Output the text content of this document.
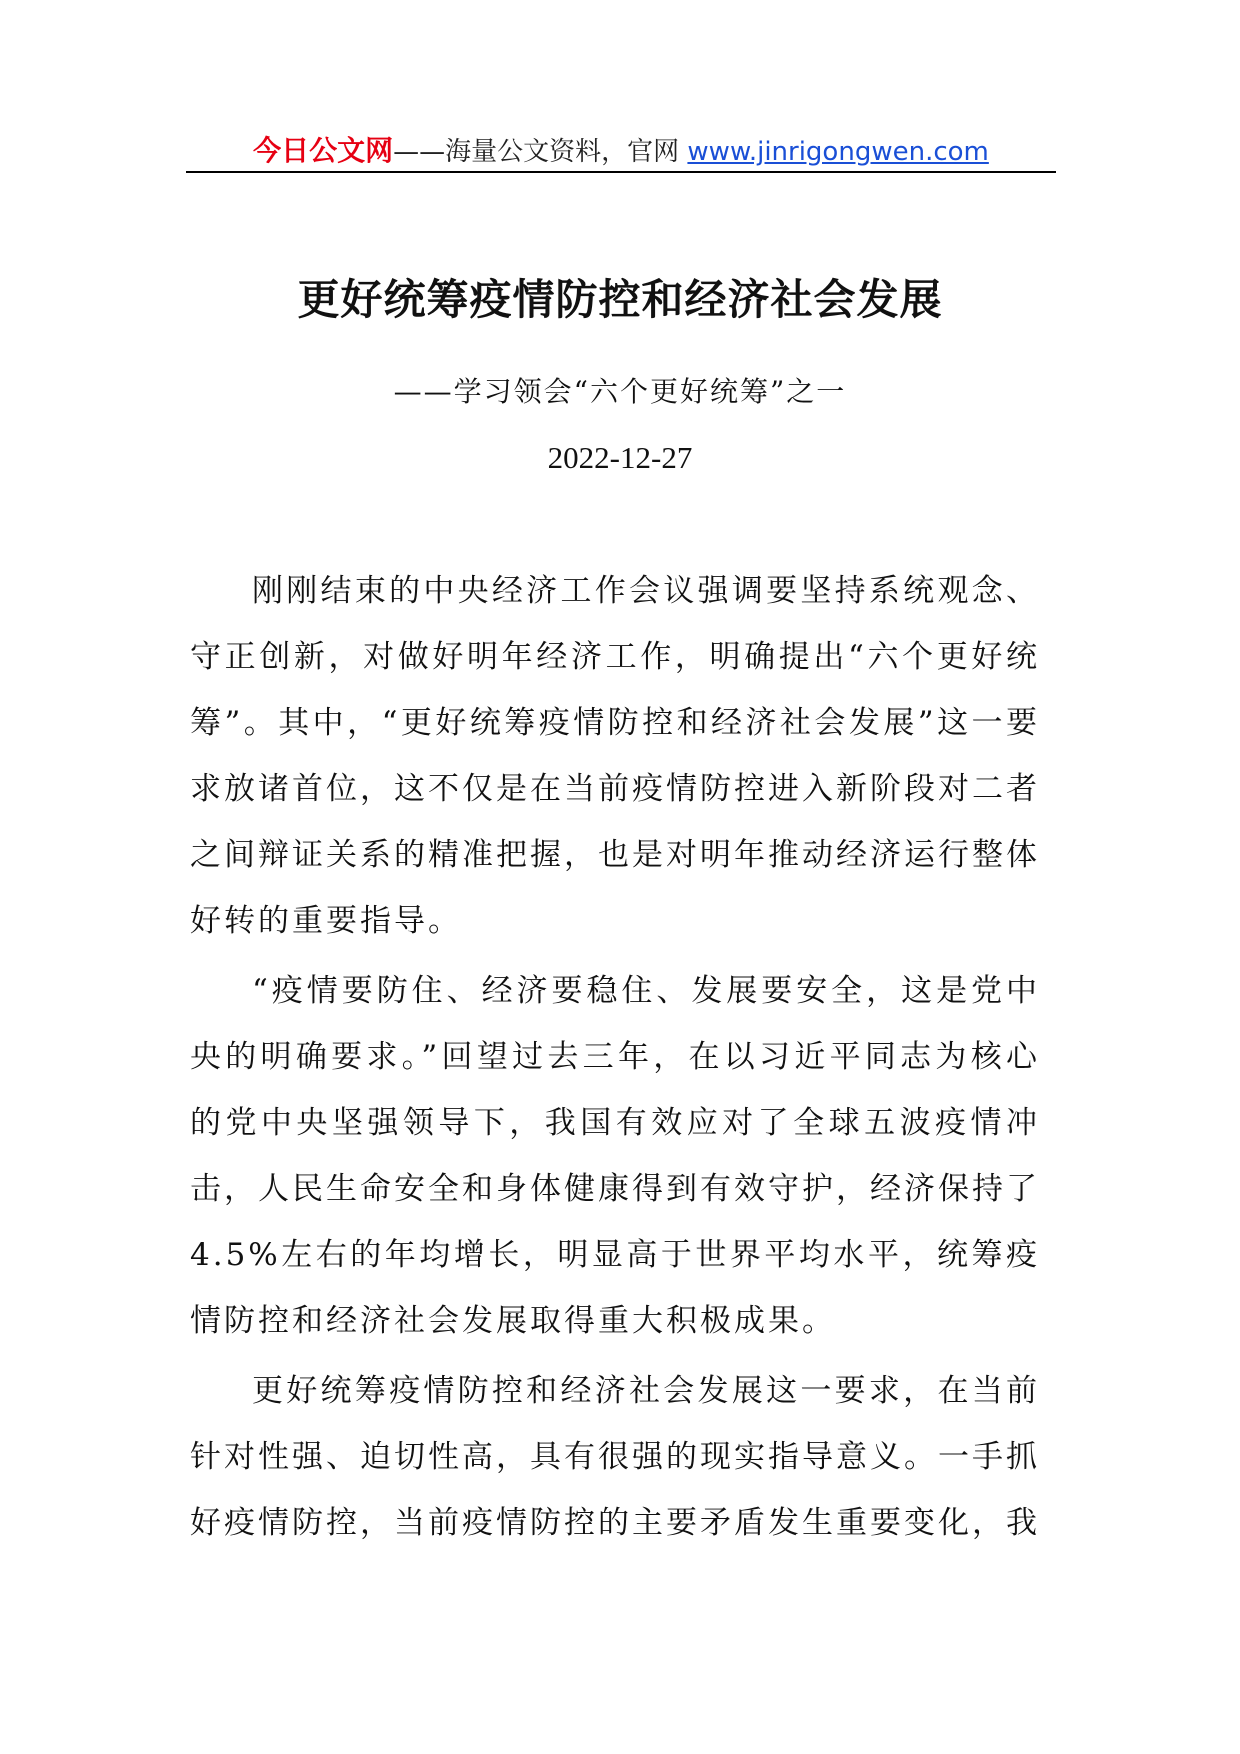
今日公文网——海量公文资料，官网 www.jinrigongwen.com
更好统筹疫情防控和经济社会发展
——学习领会“六个更好统筹”之一
2022-12-27

刚刚结束的中央经济工作会议强调要坚持系统观念、守正创新，对做好明年经济工作，明确提出“六个更好统筹”。其中，“更好统筹疫情防控和经济社会发展”这一要求放诸首位，这不仅是在当前疫情防控进入新阶段对二者之间辩证关系的精准把握，也是对明年推动经济运行整体好转的重要指导。

“疫情要防住、经济要稳住、发展要安全，这是党中央的明确要求。”回望过去三年，在以习近平同志为核心的党中央坚强领导下，我国有效应对了全球五波疫情冲击，人民生命安全和身体健康得到有效守护，经济保持了4.5%左右的年均增长，明显高于世界平均水平，统筹疫情防控和经济社会发展取得重大积极成果。

更好统筹疫情防控和经济社会发展这一要求，在当前针对性强、迫切性高，具有很强的现实指导意义。一手抓好疫情防控，当前疫情防控的主要矛盾发生重要变化，我
